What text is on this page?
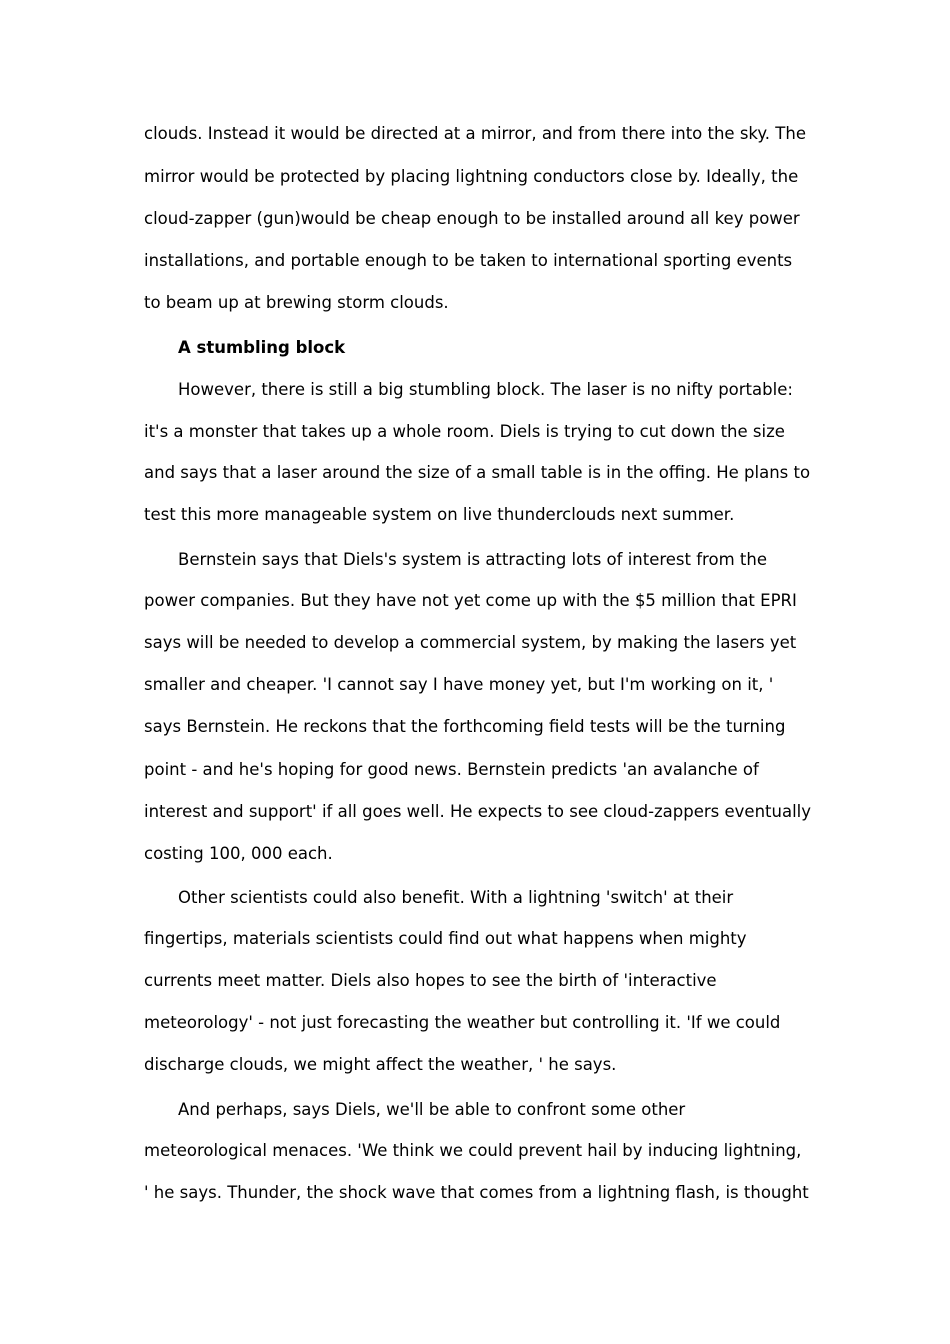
clouds. Instead it would be directed at a mirror, and from there into the sky. The
mirror would be protected by placing lightning conductors close by. Ideally, the
cloud-zapper (gun)would be cheap enough to be installed around all key power
installations, and portable enough to be taken to international sporting events
to beam up at brewing storm clouds.
A stumbling block
However, there is still a big stumbling block. The laser is no nifty portable:
it's a monster that takes up a whole room. Diels is trying to cut down the size
and says that a laser around the size of a small table is in the offing. He plans to
test this more manageable system on live thunderclouds next summer.
Bernstein says that Diels's system is attracting lots of interest from the
power companies. But they have not yet come up with the $5 million that EPRI
says will be needed to develop a commercial system, by making the lasers yet
smaller and cheaper. 'I cannot say I have money yet, but I'm working on it, '
says Bernstein. He reckons that the forthcoming field tests will be the turning
point - and he's hoping for good news. Bernstein predicts 'an avalanche of
interest and support' if all goes well. He expects to see cloud-zappers eventually
costing 100, 000 each.
Other scientists could also benefit. With a lightning 'switch' at their
fingertips, materials scientists could find out what happens when mighty
currents meet matter. Diels also hopes to see the birth of 'interactive
meteorology' - not just forecasting the weather but controlling it. 'If we could
discharge clouds, we might affect the weather, ' he says.
And perhaps, says Diels, we'll be able to confront some other
meteorological menaces. 'We think we could prevent hail by inducing lightning,
' he says. Thunder, the shock wave that comes from a lightning flash, is thought
